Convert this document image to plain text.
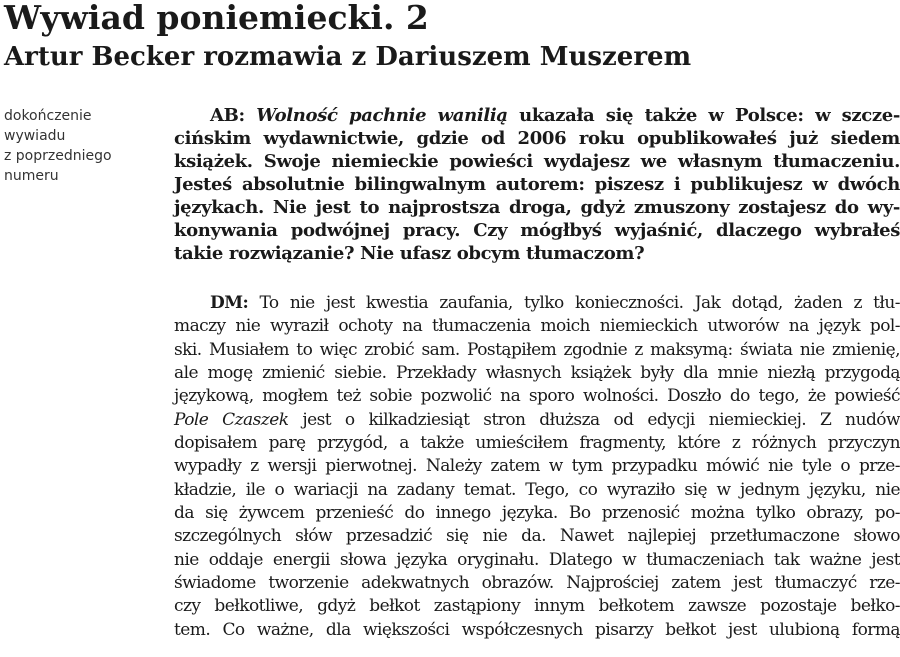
Wywiad poniemiecki. 2
Artur Becker rozmawia z Dariuszem Muszerem
dokończenie
wywiadu
z poprzedniego
numeru
AB: Wolność pachnie wanilią ukazała się także w Polsce: w szcze-
cińskim wydawnictwie, gdzie od 2006 roku opublikowałeś już siedem
książek. Swoje niemieckie powieści wydajesz we własnym tłumaczeniu.
Jesteś absolutnie bilingwalnym autorem: piszesz i publikujesz w dwóch
językach. Nie jest to najprostsza droga, gdyż zmuszony zostajesz do wy-
konywania podwójnej pracy. Czy mógłbyś wyjaśnić, dlaczego wybrałeś
takie rozwiązanie? Nie ufasz obcym tłumaczom?
DM: To nie jest kwestia zaufania, tylko konieczności. Jak dotąd, żaden z tłu-
maczy nie wyraził ochoty na tłumaczenia moich niemieckich utworów na język pol-
ski. Musiałem to więc zrobić sam. Postąpiłem zgodnie z maksymą: świata nie zmienię,
ale mogę zmienić siebie. Przekłady własnych książek były dla mnie niezłą przygodą
językową, mogłem też sobie pozwolić na sporo wolności. Doszło do tego, że powieść
Pole Czaszek jest o kilkadziesiąt stron dłuższa od edycji niemieckiej. Z nudów
dopisałem parę przygód, a także umieściłem fragmenty, które z różnych przyczyn
wypadły z wersji pierwotnej. Należy zatem w tym przypadku mówić nie tyle o prze-
kładzie, ile o wariacji na zadany temat. Tego, co wyraziło się w jednym języku, nie
da się żywcem przenieść do innego języka. Bo przenosić można tylko obrazy, po-
szczególnych słów przesadzić się nie da. Nawet najlepiej przetłumaczone słowo
nie oddaje energii słowa języka oryginału. Dlatego w tłumaczeniach tak ważne jest
świadome tworzenie adekwatnych obrazów. Najprościej zatem jest tłumaczyć rze-
czy bełkotliwe, gdyż bełkot zastąpiony innym bełkotem zawsze pozostaje bełko-
tem. Co ważne, dla większości współczesnych pisarzy bełkot jest ulubioną formą
